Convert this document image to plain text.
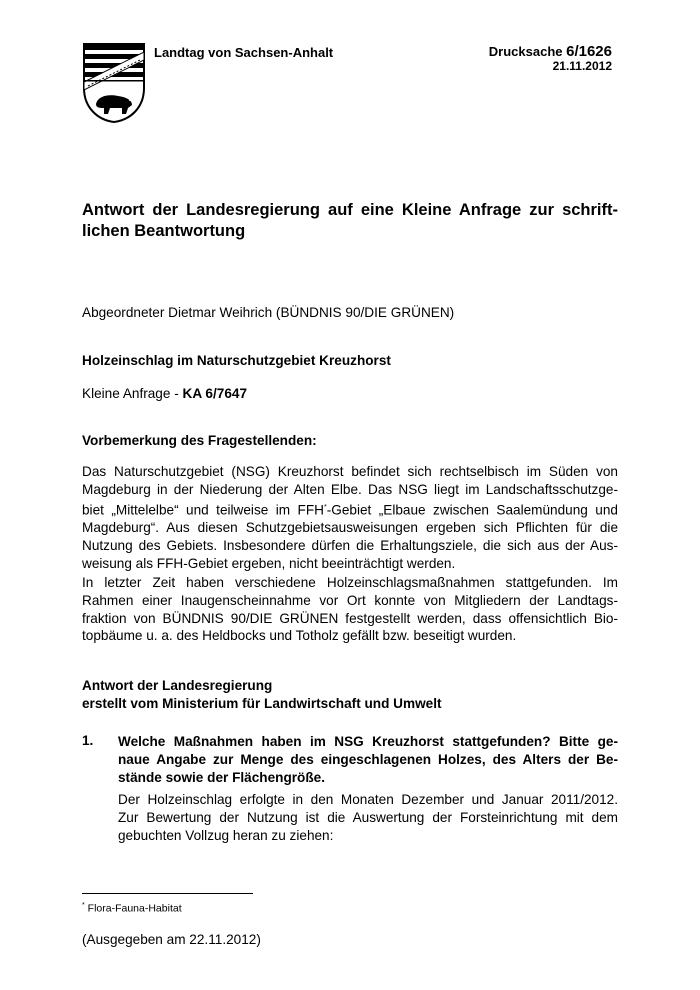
Landtag von Sachsen-Anhalt	Drucksache 6/1626
21.11.2012
Antwort der Landesregierung auf eine Kleine Anfrage zur schrift-
lichen Beantwortung
Abgeordneter Dietmar Weihrich (BÜNDNIS 90/DIE GRÜNEN)
Holzeinschlag im Naturschutzgebiet Kreuzhorst
Kleine Anfrage - KA 6/7647
Vorbemerkung des Fragestellenden:
Das Naturschutzgebiet (NSG) Kreuzhorst befindet sich rechtselbisch im Süden von
Magdeburg in der Niederung der Alten Elbe. Das NSG liegt im Landschaftsschutzge-
biet „Mittelelbe“ und teilweise im FFH*-Gebiet „Elbaue zwischen Saalemündung und
Magdeburg“. Aus diesen Schutzgebietsausweisungen ergeben sich Pflichten für die
Nutzung des Gebiets. Insbesondere dürfen die Erhaltungsziele, die sich aus der Aus-
weisung als FFH-Gebiet ergeben, nicht beeinträchtigt werden.
In letzter Zeit haben verschiedene Holzeinschlagsmaßnahmen stattgefunden. Im
Rahmen einer Inaugenscheinnahme vor Ort konnte von Mitgliedern der Landtags-
fraktion von BÜNDNIS 90/DIE GRÜNEN festgestellt werden, dass offensichtlich Bio-
topbäume u. a. des Heldbocks und Totholz gefällt bzw. beseitigt wurden.
Antwort der Landesregierung
erstellt vom Ministerium für Landwirtschaft und Umwelt
1. Welche Maßnahmen haben im NSG Kreuzhorst stattgefunden? Bitte ge-
naue Angabe zur Menge des eingeschlagenen Holzes, des Alters der Be-
stände sowie der Flächengröße.
Der Holzeinschlag erfolgte in den Monaten Dezember und Januar 2011/2012.
Zur Bewertung der Nutzung ist die Auswertung der Forsteinrichtung mit dem
gebuchten Vollzug heran zu ziehen:
* Flora-Fauna-Habitat
(Ausgegeben am 22.11.2012)
